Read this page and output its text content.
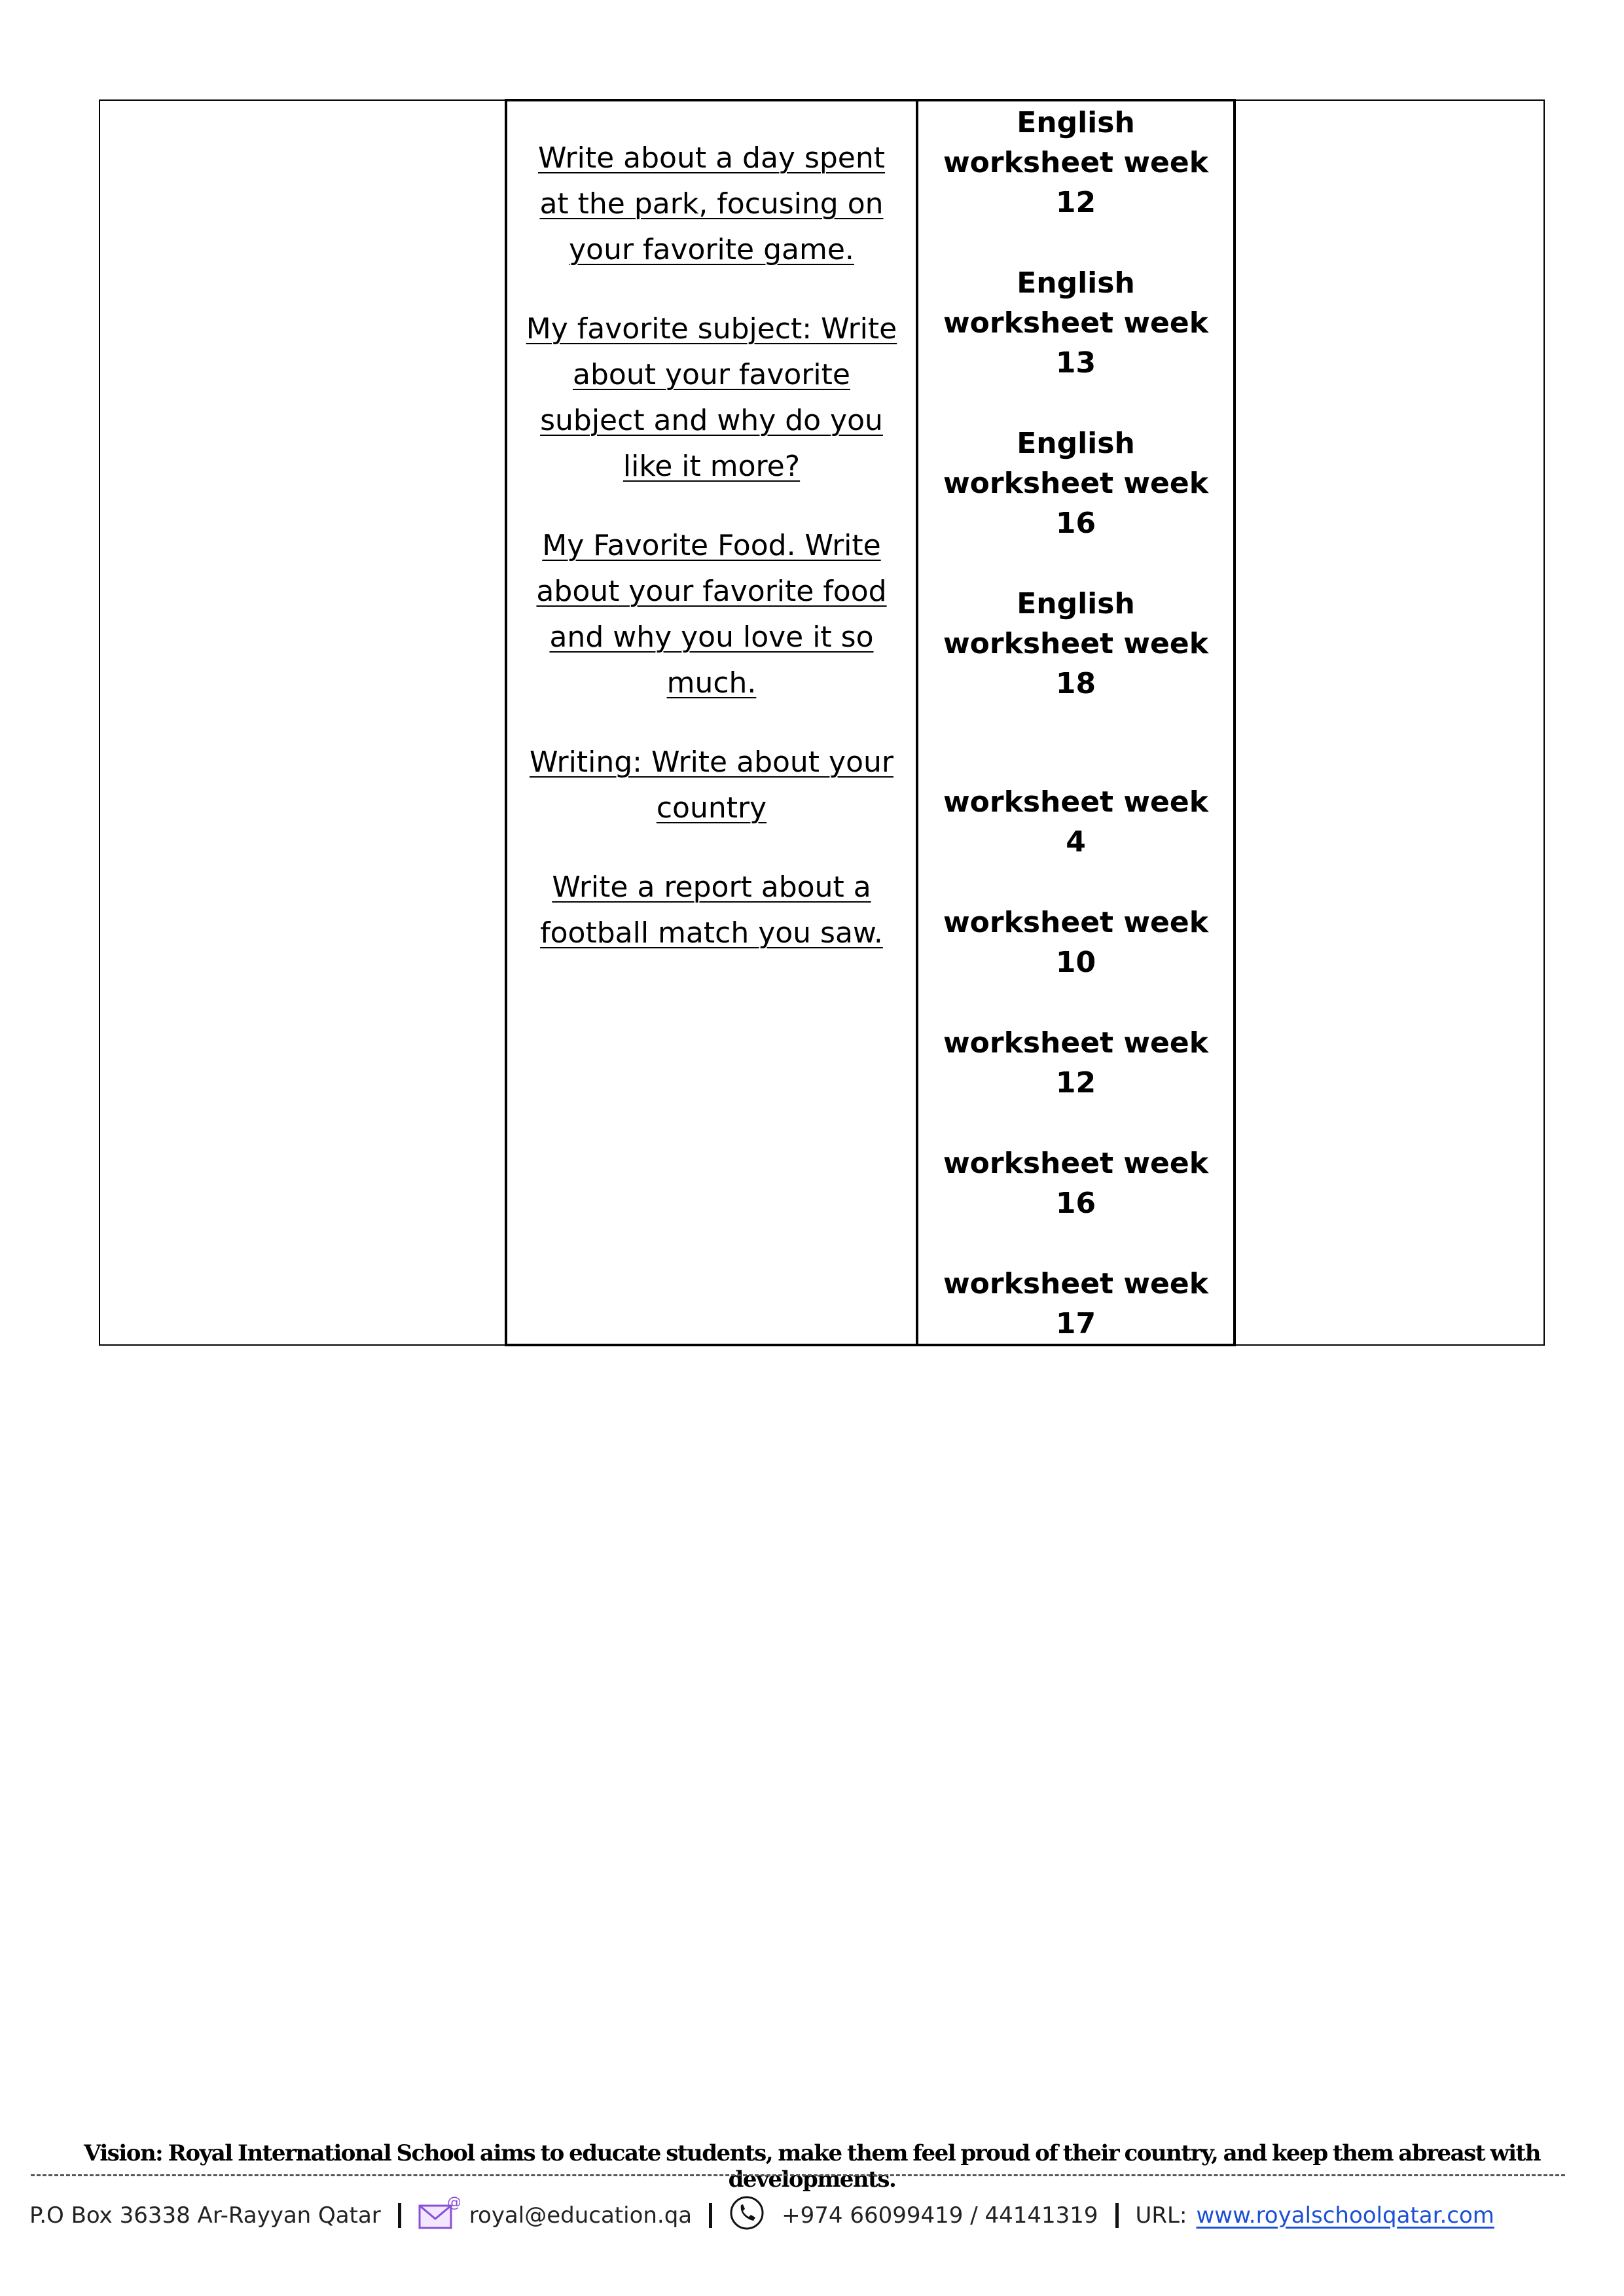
Write about a day spent at the park, focusing on your favorite game.
My favorite subject: Write about your favorite subject and why do you like it more?
My Favorite Food. Write about your favorite food and why you love it so much.
Writing: Write about your country
Write a report about a football match you saw.

English worksheet week 12
English worksheet week 13
English worksheet week 16
English worksheet week 18
worksheet week 4
worksheet week 10
worksheet week 12
worksheet week 16
worksheet week 17

Vision: Royal International School aims to educate students, make them feel proud of their country, and keep them abreast with developments.
P.O Box 36338 Ar-Rayyan Qatar	@ royal@education.qa	+974 66099419 / 44141319 URL: www.royalschoolqatar.com
